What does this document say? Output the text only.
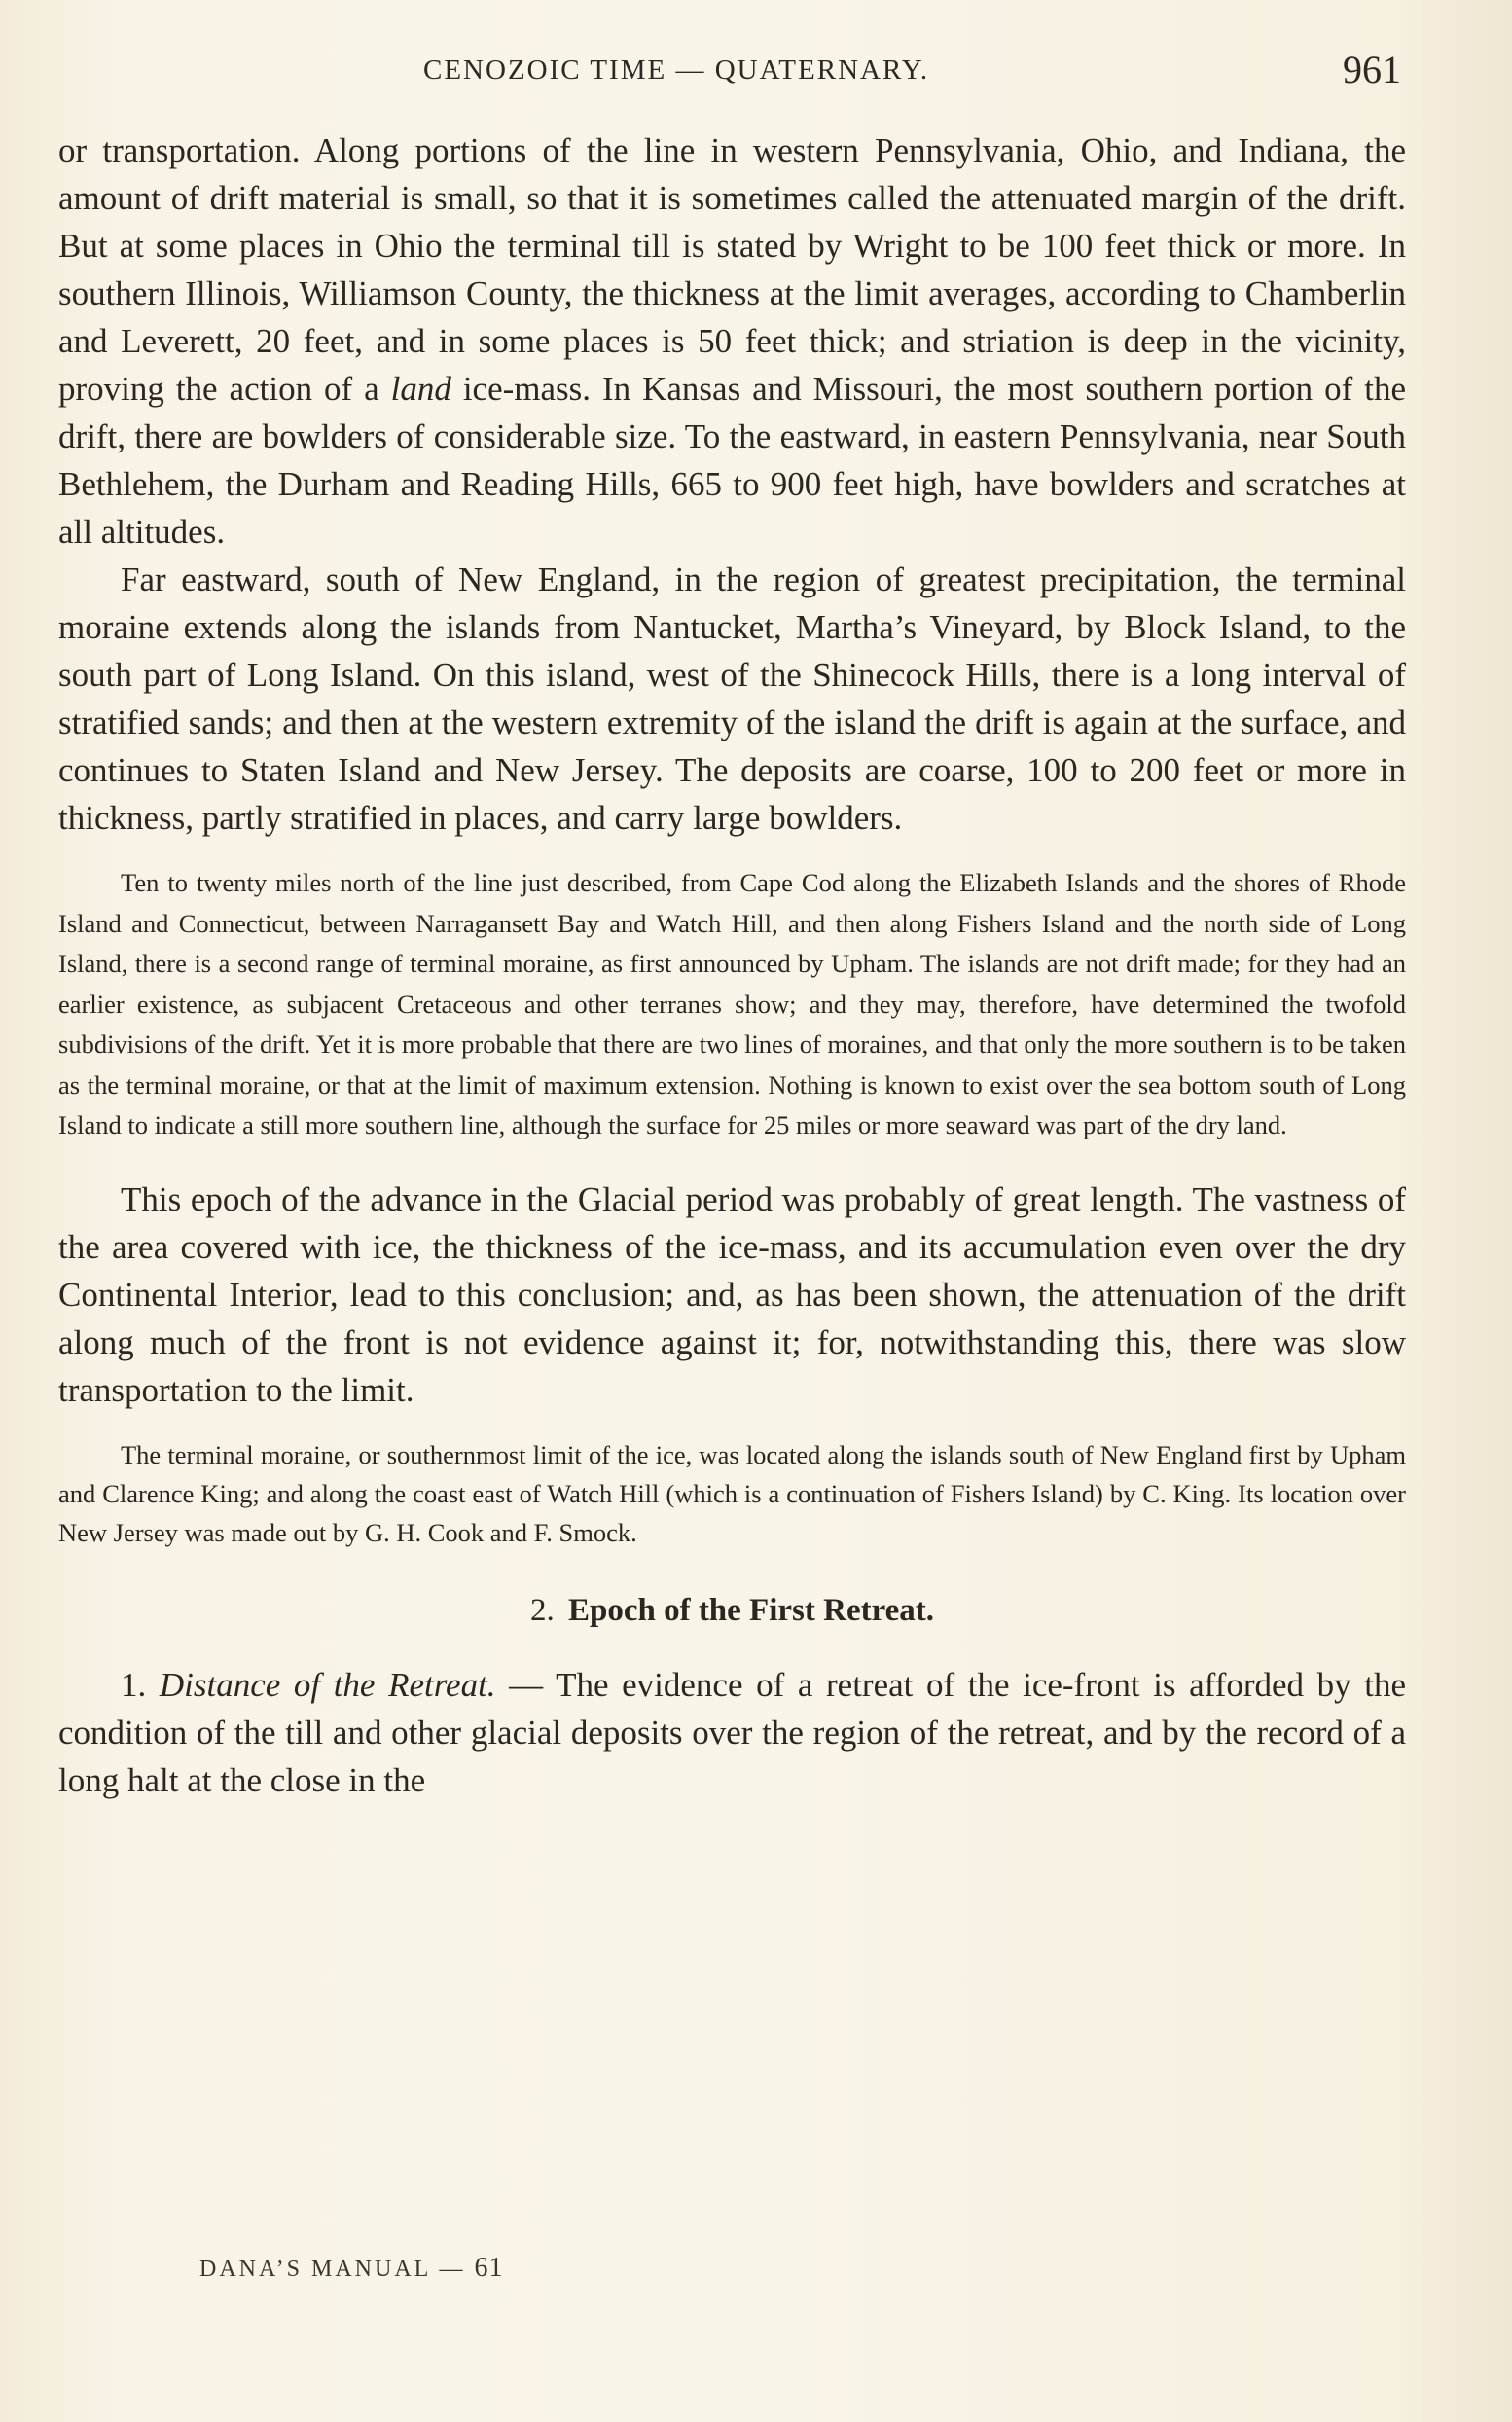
CENOZOIC TIME — QUATERNARY.	961

or transportation. Along portions of the line in western Pennsylvania, Ohio, and Indiana, the amount of drift material is small, so that it is sometimes called the attenuated margin of the drift. But at some places in Ohio the terminal till is stated by Wright to be 100 feet thick or more. In southern Illinois, Williamson County, the thickness at the limit averages, according to Chamberlin and Leverett, 20 feet, and in some places is 50 feet thick; and striation is deep in the vicinity, proving the action of a land ice-mass. In Kansas and Missouri, the most southern portion of the drift, there are bowlders of considerable size. To the eastward, in eastern Pennsylvania, near South Bethlehem, the Durham and Reading Hills, 665 to 900 feet high, have bowlders and scratches at all altitudes.

Far eastward, south of New England, in the region of greatest precipitation, the terminal moraine extends along the islands from Nantucket, Martha’s Vineyard, by Block Island, to the south part of Long Island. On this island, west of the Shinecock Hills, there is a long interval of stratified sands; and then at the western extremity of the island the drift is again at the surface, and continues to Staten Island and New Jersey. The deposits are coarse, 100 to 200 feet or more in thickness, partly stratified in places, and carry large bowlders.

Ten to twenty miles north of the line just described, from Cape Cod along the Elizabeth Islands and the shores of Rhode Island and Connecticut, between Narragansett Bay and Watch Hill, and then along Fishers Island and the north side of Long Island, there is a second range of terminal moraine, as first announced by Upham. The islands are not drift made; for they had an earlier existence, as subjacent Cretaceous and other terranes show; and they may, therefore, have determined the twofold subdivisions of the drift. Yet it is more probable that there are two lines of moraines, and that only the more southern is to be taken as the terminal moraine, or that at the limit of maximum extension. Nothing is known to exist over the sea bottom south of Long Island to indicate a still more southern line, although the surface for 25 miles or more seaward was part of the dry land.

This epoch of the advance in the Glacial period was probably of great length. The vastness of the area covered with ice, the thickness of the ice-mass, and its accumulation even over the dry Continental Interior, lead to this conclusion; and, as has been shown, the attenuation of the drift along much of the front is not evidence against it; for, notwithstanding this, there was slow transportation to the limit.

The terminal moraine, or southernmost limit of the ice, was located along the islands south of New England first by Upham and Clarence King; and along the coast east of Watch Hill (which is a continuation of Fishers Island) by C. King. Its location over New Jersey was made out by G. H. Cook and F. Smock.

2. Epoch of the First Retreat.

1. Distance of the Retreat. — The evidence of a retreat of the ice-front is afforded by the condition of the till and other glacial deposits over the region of the retreat, and by the record of a long halt at the close in the

DANA’S MANUAL — 61
